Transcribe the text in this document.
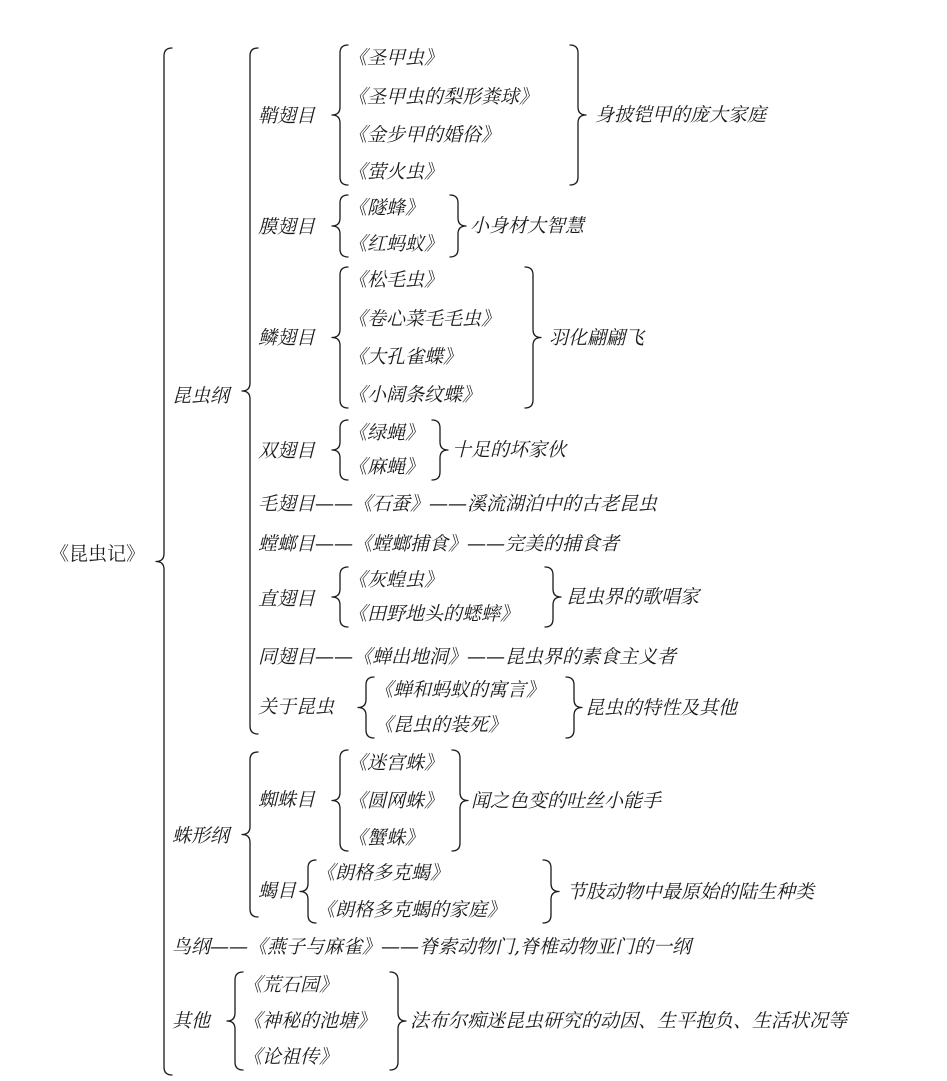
《昆虫记》
昆虫纲
鞘翅目
《圣甲虫》
《圣甲虫的梨形粪球》
《金步甲的婚俗》
《萤火虫》
身披铠甲的庞大家庭
膜翅目
《隧蜂》
《红蚂蚁》
小身材大智慧
鳞翅目
《松毛虫》
《卷心菜毛毛虫》
《大孔雀蝶》
《小阔条纹蝶》
羽化翩翩飞
双翅目
《绿蝇》
《麻蝇》
十足的坏家伙
毛翅目——《石蚕》——溪流湖泊中的古老昆虫
螳螂目——《螳螂捕食》——完美的捕食者
直翅目
《灰蝗虫》
《田野地头的蟋蟀》
昆虫界的歌唱家
同翅目——《蝉出地洞》——昆虫界的素食主义者
关于昆虫
《蝉和蚂蚁的寓言》
《昆虫的装死》
昆虫的特性及其他
蛛形纲
蜘蛛目
《迷宫蛛》
《圆网蛛》
《蟹蛛》
闻之色变的吐丝小能手
蝎目
《朗格多克蝎》
《朗格多克蝎的家庭》
节肢动物中最原始的陆生种类
鸟纲——《燕子与麻雀》——脊索动物门,脊椎动物亚门的一纲
其他
《荒石园》
《神秘的池塘》
《论祖传》
法布尔痴迷昆虫研究的动因、生平抱负、生活状况等
